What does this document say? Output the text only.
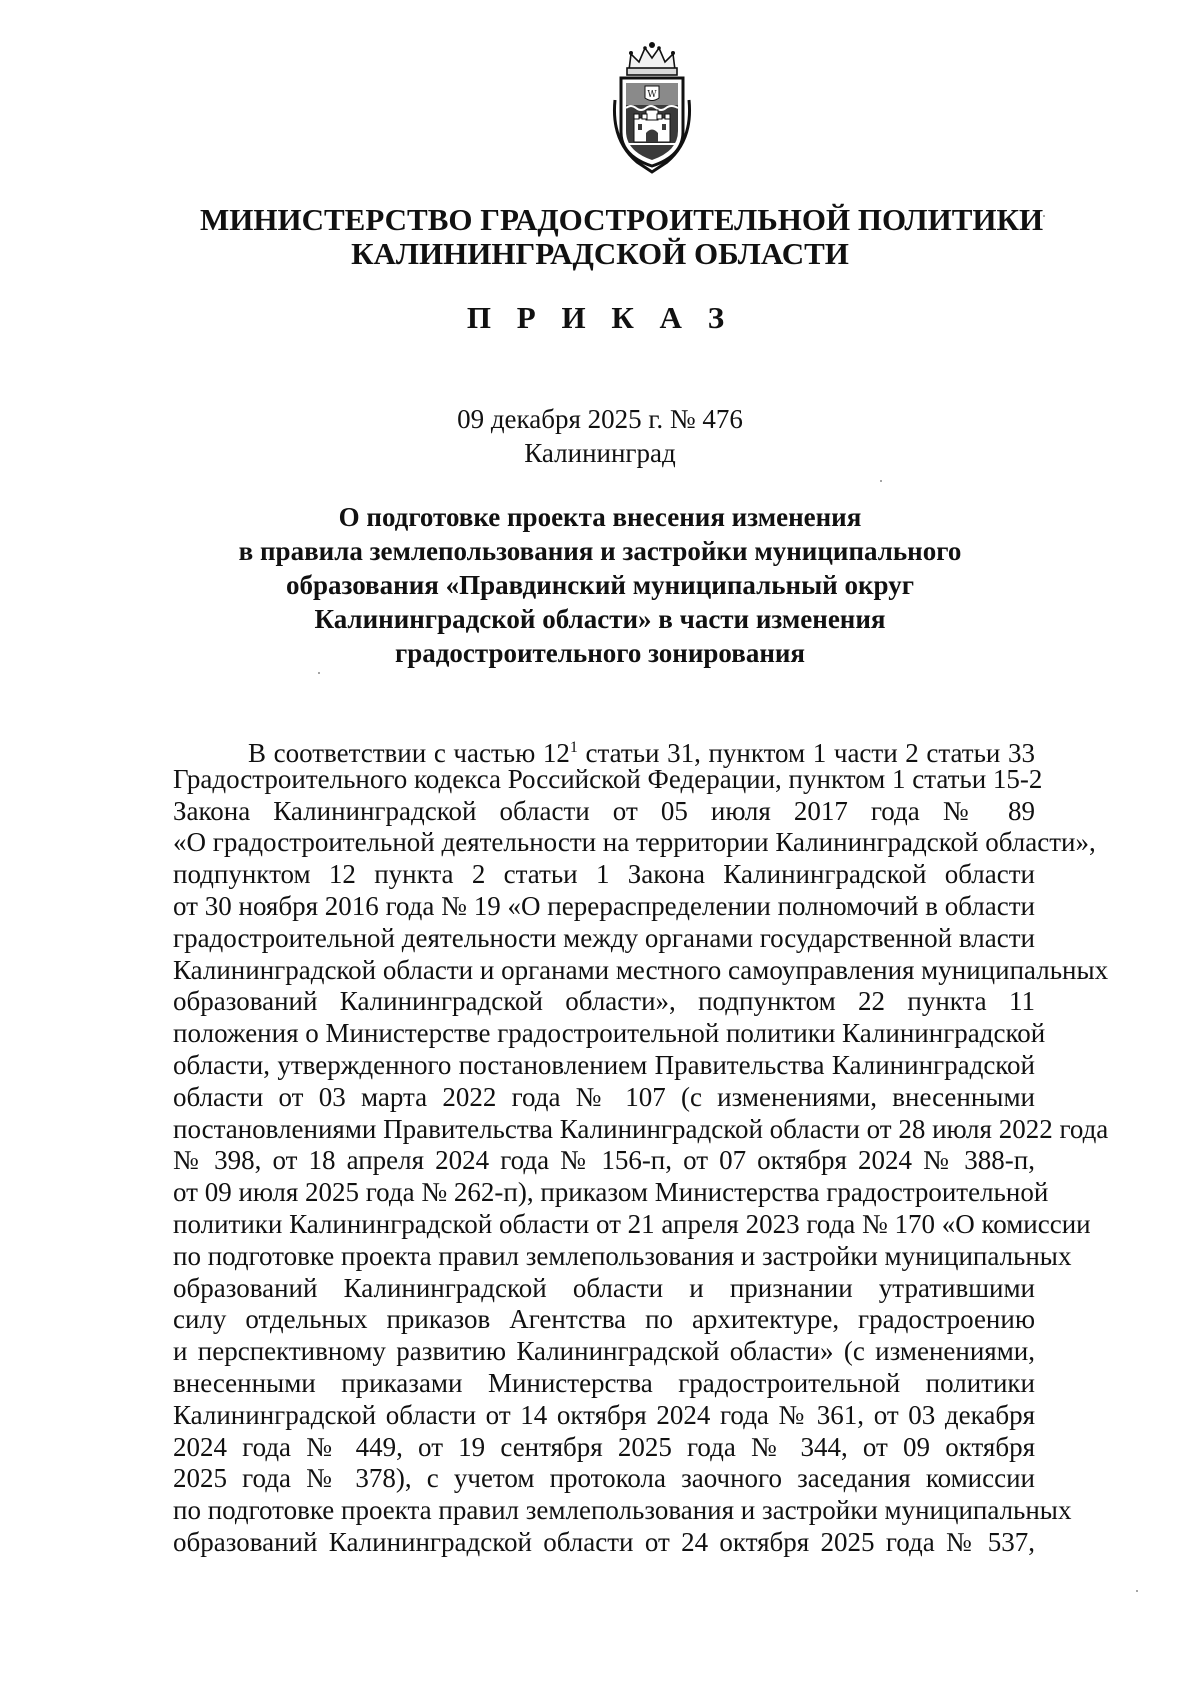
W
МИНИСТЕРСТВО ГРАДОСТРОИТЕЛЬНОЙ ПОЛИТИКИ
КАЛИНИНГРАДСКОЙ ОБЛАСТИ
П Р И К А З
09 декабря 2025 г. № 476
Калининград
О подготовке проекта внесения изменения
в правила землепользования и застройки муниципального
образования «Правдинский муниципальный округ
Калининградской области» в части изменения
градостроительного зонирования
В соответствии с частью $12^1$ статьи 31, пунктом 1 части 2 статьи 33
Градостроительного кодекса Российской Федерации, пунктом 1 статьи 15-2
Закона Калининградской области от 05 июля 2017 года № 89
«О градостроительной деятельности на территории Калининградской области»,
подпунктом 12 пункта 2 статьи 1 Закона Калининградской области
от 30 ноября 2016 года № 19 «О перераспределении полномочий в области
градостроительной деятельности между органами государственной власти
Калининградской области и органами местного самоуправления муниципальных
образований Калининградской области», подпунктом 22 пункта 11
положения о Министерстве градостроительной политики Калининградской
области, утвержденного постановлением Правительства Калининградской
области от 03 марта 2022 года № 107 (с изменениями, внесенными
постановлениями Правительства Калининградской области от 28 июля 2022 года
№ 398, от 18 апреля 2024 года № 156-п, от 07 октября 2024 № 388-п,
от 09 июля 2025 года № 262-п), приказом Министерства градостроительной
политики Калининградской области от 21 апреля 2023 года № 170 «О комиссии
по подготовке проекта правил землепользования и застройки муниципальных
образований Калининградской области и признании утратившими
силу отдельных приказов Агентства по архитектуре, градостроению
и перспективному развитию Калининградской области» (с изменениями,
внесенными приказами Министерства градостроительной политики
Калининградской области от 14 октября 2024 года № 361, от 03 декабря
2024 года № 449, от 19 сентября 2025 года № 344, от 09 октября
2025 года № 378), с учетом протокола заочного заседания комиссии
по подготовке проекта правил землепользования и застройки муниципальных
образований Калининградской области от 24 октября 2025 года № 537,
